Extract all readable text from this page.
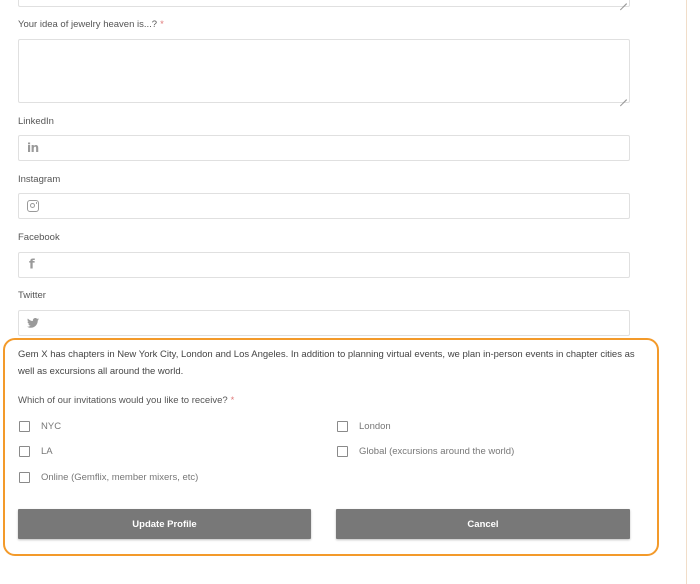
Your idea of jewelry heaven is...? *
LinkedIn
in
Instagram
Facebook
f
Twitter
Gem X has chapters in New York City, London and Los Angeles. In addition to planning virtual events, we plan in-person events in chapter cities as well as excursions all around the world.
Which of our invitations would you like to receive? *
NYC	London
LA	Global (excursions around the world)
Online (Gemflix, member mixers, etc)
Update Profile	Cancel
